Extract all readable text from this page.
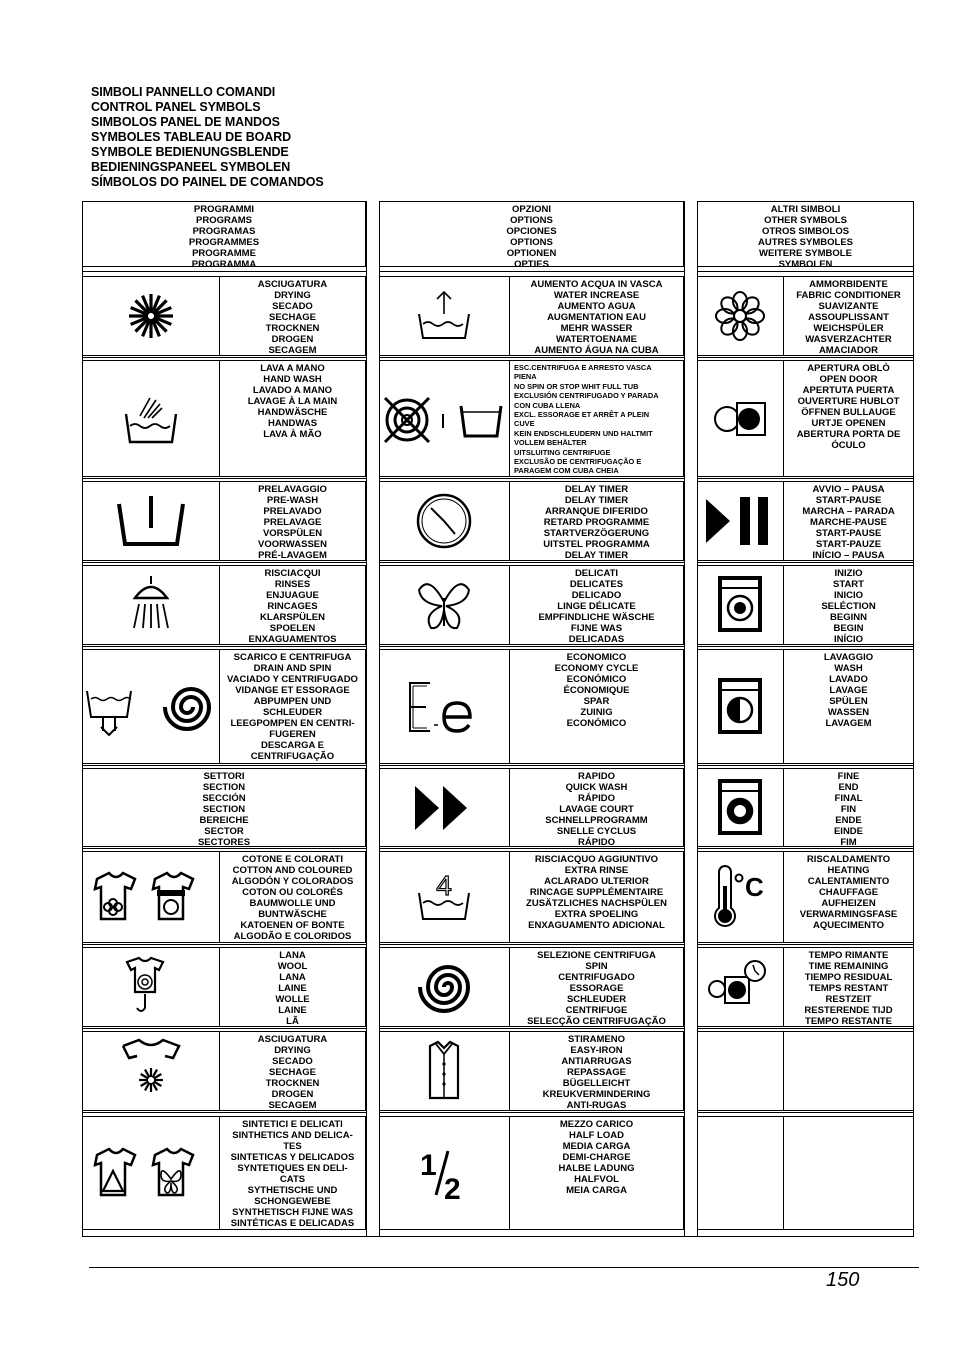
SIMBOLI PANNELLO COMANDI
CONTROL PANEL SYMBOLS
SIMBOLOS PANEL DE MANDOS
SYMBOLES TABLEAU DE BOARD
SYMBOLE BEDIENUNGSBLENDE
BEDIENINGSPANEEL SYMBOLEN
SÍMBOLOS DO PAINEL DE COMANDOS
PROGRAMMI
PROGRAMS
PROGRAMAS
PROGRAMMES
PROGRAMME
PROGRAMMA
OPZIONI
OPTIONS
OPCIONES
OPTIONS
OPTIONEN
OPTIES
ALTRI SIMBOLI
OTHER SYMBOLS
OTROS SIMBOLOS
AUTRES SYMBOLES
WEITERE SYMBOLE
SYMBOLEN
ASCIUGATURA
DRYING
SECADO
SECHAGE
TROCKNEN
DROGEN
SECAGEM
AUMENTO ACQUA IN VASCA
WATER INCREASE
AUMENTO AGUA
AUGMENTATION EAU
MEHR WASSER
WATERTOENAME
AUMENTO ÁGUA NA CUBA
AMMORBIDENTE
FABRIC CONDITIONER
SUAVIZANTE
ASSOUPLISSANT
WEICHSPÜLER
WASVERZACHTER
AMACIADOR
LAVA A MANO
HAND WASH
LAVADO A MANO
LAVAGE À LA MAIN
HANDWÄSCHE
HANDWAS
LAVA À MÃO
ESC.CENTRIFUGA E ARRESTO VASCA
PIENA
NO SPIN OR STOP WHIT FULL TUB
EXCLUSIÓN CENTRIFUGADO Y PARADA
CON CUBA LLENA
EXCL. ESSORAGE ET ARRÊT A PLEIN
CUVE
KEIN ENDSCHLEUDERN UND HALTMIT
VOLLEM BEHÄLTER
UITSLUITING CENTRIFUGE
EXCLUSÃO DE CENTRIFUGAÇÃO E
PARAGEM COM CUBA CHEIA
APERTURA OBLÒ
OPEN DOOR
APERTUTA PUERTA
OUVERTURE HUBLOT
ÖFFNEN BULLAUGE
URTJE OPENEN
ABERTURA PORTA DE
ÓCULO
PRELAVAGGIO
PRE-WASH
PRELAVADO
PRELAVAGE
VORSPÜLEN
VOORWASSEN
PRÉ-LAVAGEM
DELAY TIMER
DELAY TIMER
ARRANQUE DIFERIDO
RETARD PROGRAMME
STARTVERZÖGERUNG
UITSTEL PROGRAMMA
DELAY TIMER
AVVIO – PAUSA
START-PAUSE
MARCHA – PARADA
MARCHE-PAUSE
START-PAUSE
START-PAUZE
INÍCIO – PAUSA
RISCIACQUI
RINSES
ENJUAGUE
RINCAGES
KLARSPÜLEN
SPOELEN
ENXAGUAMENTOS
DELICATI
DELICATES
DELICADO
LINGE DÉLICATE
EMPFINDLICHE WÄSCHE
FIJNE WAS
DELICADAS
INIZIO
START
INICIO
SELÉCTION
BEGINN
BEGIN
INÍCIO
SCARICO E CENTRIFUGA
DRAIN AND SPIN
VACIADO Y CENTRIFUGADO
VIDANGE ET ESSORAGE
ABPUMPEN UND
SCHLEUDER
LEEGPOMPEN EN CENTRI-
FUGEREN
DESCARGA E
CENTRIFUGAÇÃO
ECONOMICO
ECONOMY CYCLE
ECONÓMICO
ÉCONOMIQUE
SPAR
ZUINIG
ECONÓMICO
LAVAGGIO
WASH
LAVADO
LAVAGE
SPÜLEN
WASSEN
LAVAGEM
SETTORI
SECTION
SECCIÓN
SECTION
BEREICHE
SECTOR
SECTORES
RAPIDO
QUICK WASH
RÁPIDO
LAVAGE COURT
SCHNELLPROGRAMM
SNELLE CYCLUS
RÁPIDO
FINE
END
FINAL
FIN
ENDE
EINDE
FIM
COTONE E COLORATI
COTTON AND COLOURED
ALGODÓN Y COLORADOS
COTON OU COLORÉS
BAUMWOLLE UND
BUNTWÄSCHE
KATOENEN OF BONTE
ALGODÃO E COLORIDOS
4
RISCIACQUO AGGIUNTIVO
EXTRA RINSE
ACLARADO ULTERIOR
RINCAGE SUPPLÉMENTAIRE
ZUSÄTZLICHES NACHSPÜLEN
EXTRA SPOELING
ENXAGUAMENTO ADICIONAL
C
RISCALDAMENTO
HEATING
CALENTAMIENTO
CHAUFFAGE
AUFHEIZEN
VERWARMINGSFASE
AQUECIMENTO
LANA
WOOL
LANA
LAINE
WOLLE
LAINE
LÃ
SELEZIONE CENTRIFUGA
SPIN
CENTRIFUGADO
ESSORAGE
SCHLEUDER
CENTRIFUGE
SELECÇÃO CENTRIFUGAÇÃO
TEMPO RIMANTE
TIME REMAINING
TIEMPO RESIDUAL
TEMPS RESTANT
RESTZEIT
RESTERENDE TIJD
TEMPO RESTANTE
ASCIUGATURA
DRYING
SECADO
SECHAGE
TROCKNEN
DROGEN
SECAGEM
STIRAMENO
EASY-IRON
ANTIARRUGAS
REPASSAGE
BÜGELLEICHT
KREUKVERMINDERING
ANTI-RUGAS
SINTETICI E DELICATI
SINTHETICS AND DELICA-
TES
SINTETICAS Y DELICADOS
SYNTETIQUES EN DELI-
CATS
SYTHETISCHE UND
SCHONGEWEBE
SYNTHETISCH FIJNE WAS
SINTÉTICAS E DELICADAS
1
2
MEZZO CARICO
HALF LOAD
MEDIA CARGA
DEMI-CHARGE
HALBE LADUNG
HALFVOL
MEIA CARGA
150
